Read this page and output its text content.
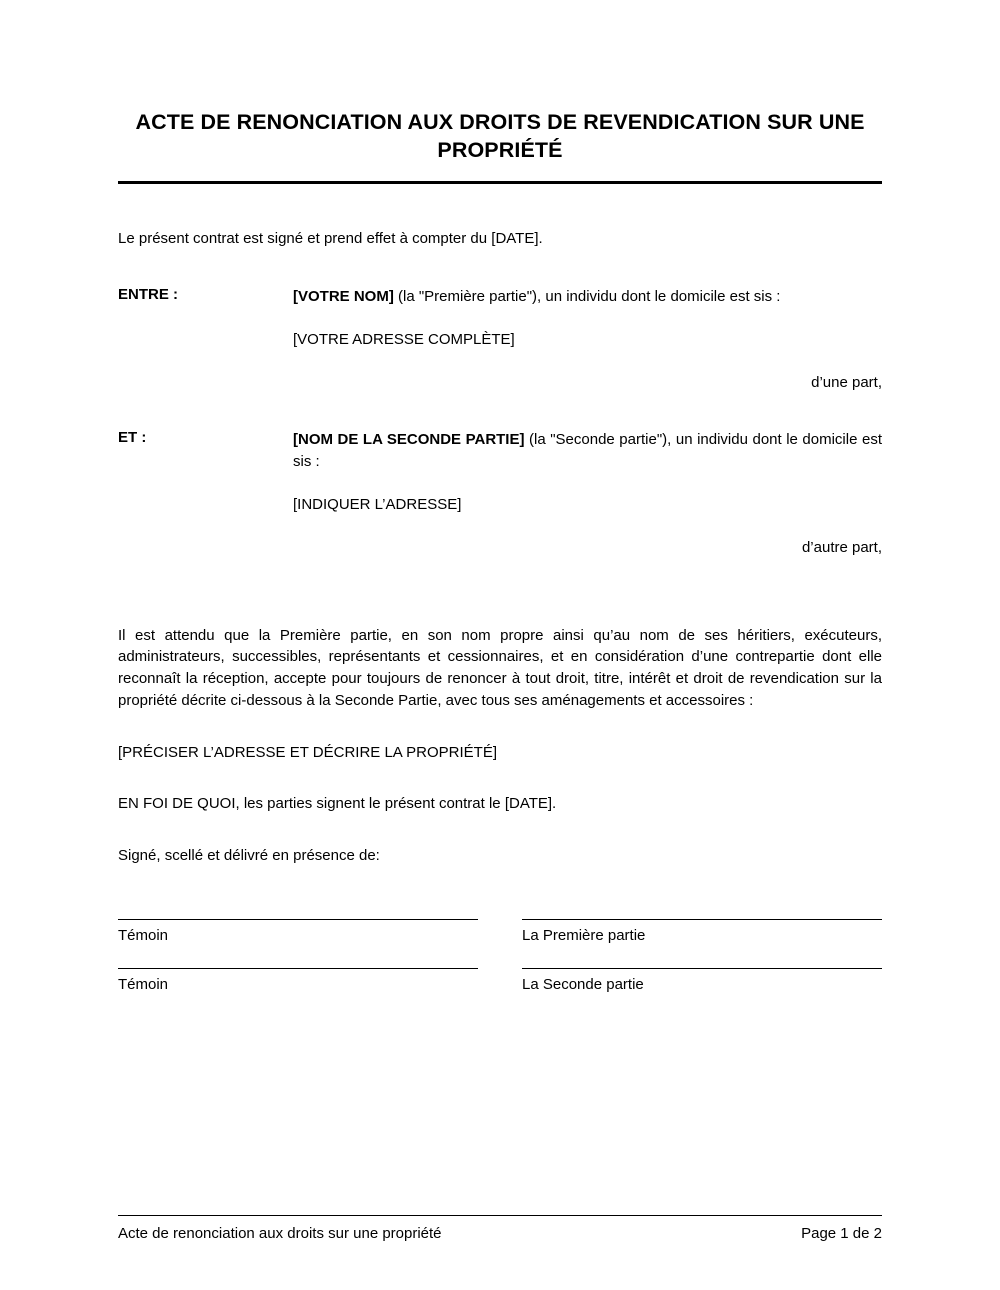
ACTE DE RENONCIATION AUX DROITS DE REVENDICATION SUR UNE PROPRIÉTÉ

Le présent contrat est signé et prend effet à compter du [DATE].

ENTRE :	[VOTRE NOM] (la "Première partie"), un individu dont le domicile est sis :
[VOTRE ADRESSE COMPLÈTE]
d’une part,
ET :	[NOM DE LA SECONDE PARTIE] (la "Seconde partie"), un individu dont le domicile est sis :
[INDIQUER L’ADRESSE]
d’autre part,

Il est attendu que la Première partie, en son nom propre ainsi qu’au nom de ses héritiers, exécuteurs, administrateurs, successibles, représentants et cessionnaires, et en considération d’une contrepartie dont elle reconnaît la réception, accepte pour toujours de renoncer à tout droit, titre, intérêt et droit de revendication sur la propriété décrite ci-dessous à la Seconde Partie, avec tous ses aménagements et accessoires :

[PRÉCISER L’ADRESSE ET DÉCRIRE LA PROPRIÉTÉ]

EN FOI DE QUOI, les parties signent le présent contrat le [DATE].

Signé, scellé et délivré en présence de:

Témoin	La Première partie
Témoin	La Seconde partie
Acte de renonciation aux droits sur une propriété	Page 1 de 2
